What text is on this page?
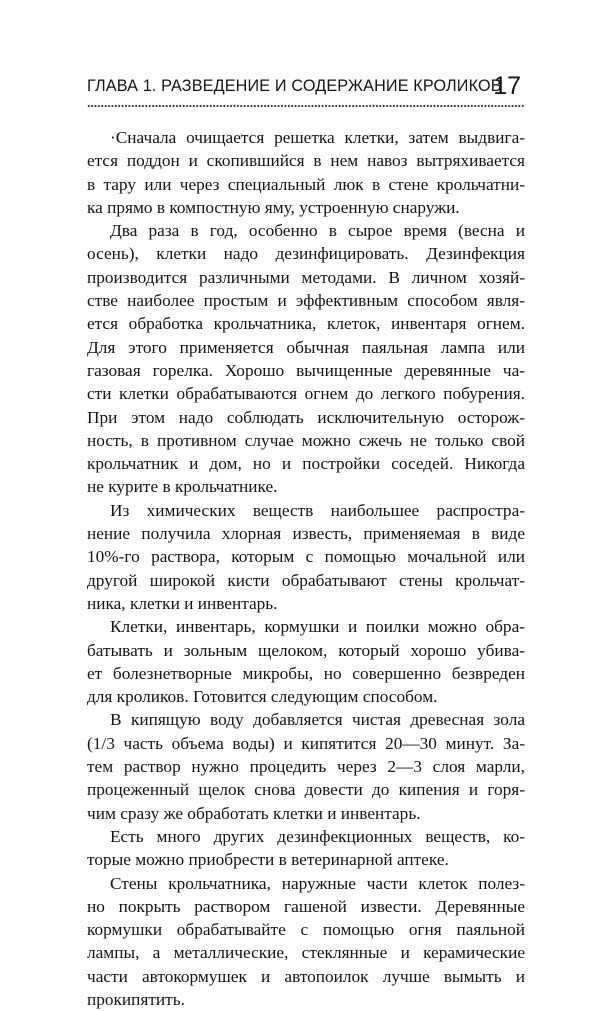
ГЛАВА 1. РАЗВЕДЕНИЕ И СОДЕРЖАНИЕ КРОЛИКОВ
17
·Сначала очищается решетка клетки, затем выдвига-
ется поддон и скопившийся в нем навоз вытряхивается
в тару или через специальный люк в стене крольчатни-
ка прямо в компостную яму, устроенную снаружи.
Два раза в год, особенно в сырое время (весна и
осень), клетки надо дезинфицировать. Дезинфекция
производится различными методами. В личном хозяй-
стве наиболее простым и эффективным способом явля-
ется обработка крольчатника, клеток, инвентаря огнем.
Для этого применяется обычная паяльная лампа или
газовая горелка. Хорошо вычищенные деревянные ча-
сти клетки обрабатываются огнем до легкого побурения.
При этом надо соблюдать исключительную осторож-
ность, в противном случае можно сжечь не только свой
крольчатник и дом, но и постройки соседей. Никогда
не курите в крольчатнике.
Из химических веществ наибольшее распростра-
нение получила хлорная известь, применяемая в виде
10%-го раствора, которым с помощью мочальной или
другой широкой кисти обрабатывают стены крольчат-
ника, клетки и инвентарь.
Клетки, инвентарь, кормушки и поилки можно обра-
батывать и зольным щелоком, который хорошо убива-
ет болезнетворные микробы, но совершенно безвреден
для кроликов. Готовится следующим способом.
В кипящую воду добавляется чистая древесная зола
(1/3 часть объема воды) и кипятится 20—30 минут. За-
тем раствор нужно процедить через 2—3 слоя марли,
процеженный щелок снова довести до кипения и горя-
чим сразу же обработать клетки и инвентарь.
Есть много других дезинфекционных веществ, ко-
торые можно приобрести в ветеринарной аптеке.
Стены крольчатника, наружные части клеток полез-
но покрыть раствором гашеной извести. Деревянные
кормушки обрабатывайте с помощью огня паяльной
лампы, а металлические, стеклянные и керамические
части автокормушек и автопоилок лучше вымыть и
прокипятить.
